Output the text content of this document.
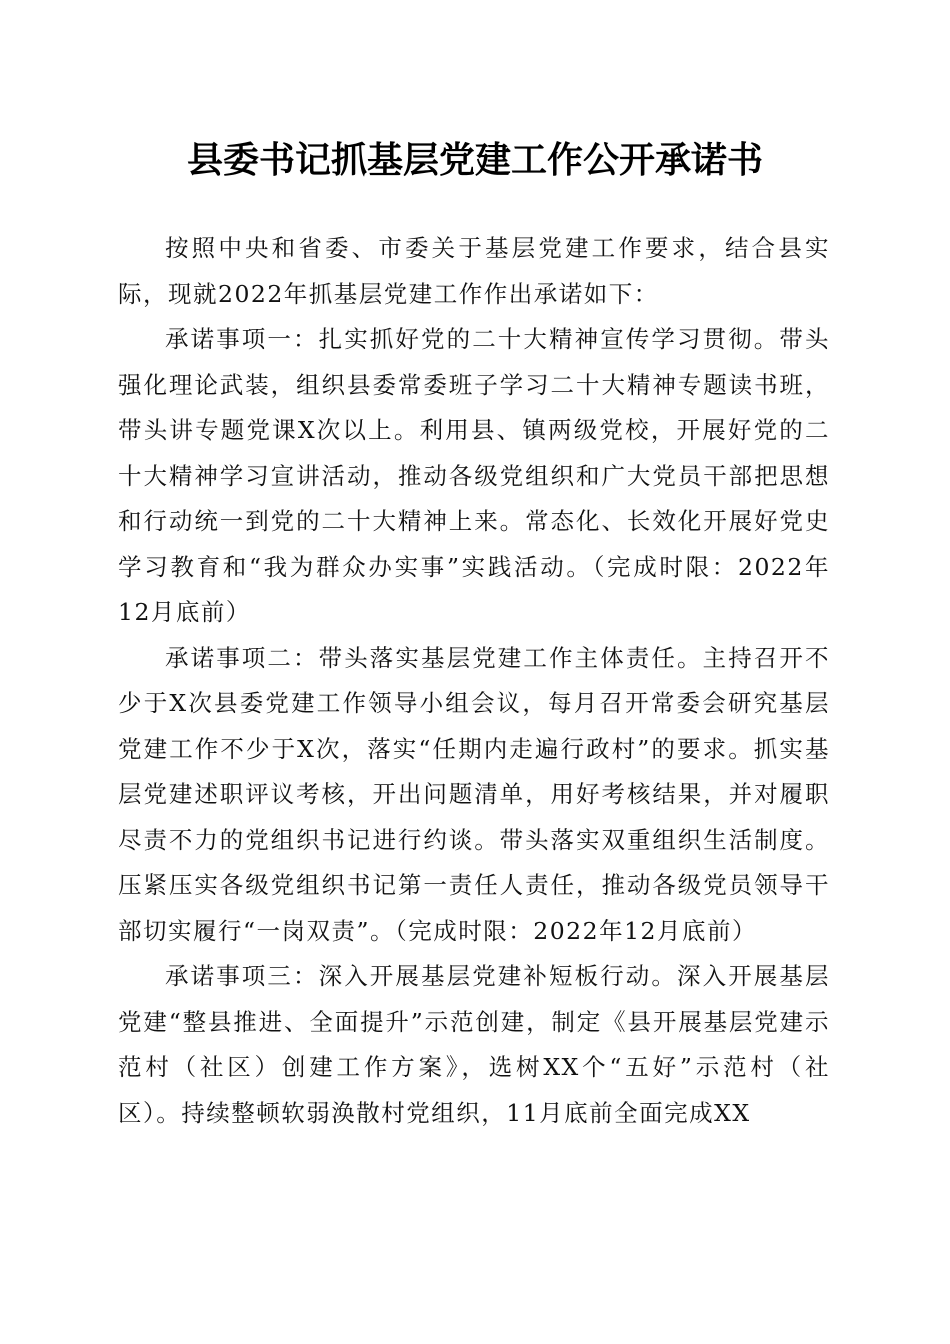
县委书记抓基层党建工作公开承诺书

按照中央和省委、市委关于基层党建工作要求，结合县实际，现就2022年抓基层党建工作作出承诺如下：

承诺事项一：扎实抓好党的二十大精神宣传学习贯彻。带头强化理论武装，组织县委常委班子学习二十大精神专题读书班，带头讲专题党课X次以上。利用县、镇两级党校，开展好党的二十大精神学习宣讲活动，推动各级党组织和广大党员干部把思想和行动统一到党的二十大精神上来。常态化、长效化开展好党史学习教育和“我为群众办实事”实践活动。（完成时限：2022年12月底前）

承诺事项二：带头落实基层党建工作主体责任。主持召开不少于X次县委党建工作领导小组会议，每月召开常委会研究基层党建工作不少于X次，落实“任期内走遍行政村”的要求。抓实基层党建述职评议考核，开出问题清单，用好考核结果，并对履职尽责不力的党组织书记进行约谈。带头落实双重组织生活制度。压紧压实各级党组织书记第一责任人责任，推动各级党员领导干部切实履行“一岗双责”。（完成时限：2022年12月底前）

承诺事项三：深入开展基层党建补短板行动。深入开展基层党建“整县推进、全面提升”示范创建，制定《县开展基层党建示范村（社区）创建工作方案》，选树XX个“五好”示范村（社区）。持续整顿软弱涣散村党组织，11月底前全面完成XX
